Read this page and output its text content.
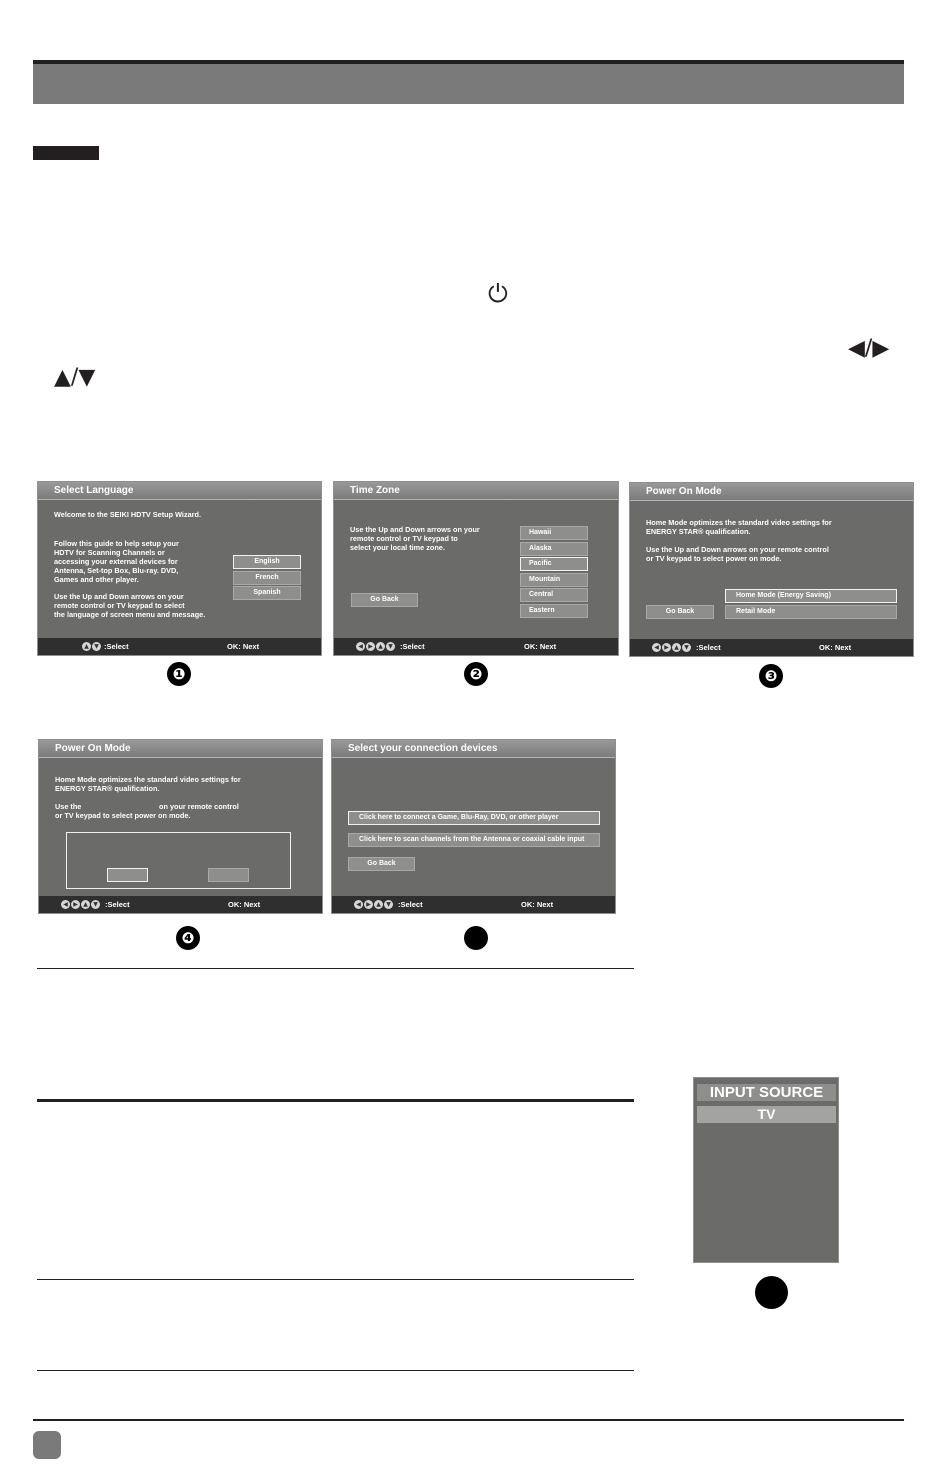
⏻
◀/▶
▲/▼
Select Language
Welcome to the SEIKI HDTV Setup Wizard.
Follow this guide to help setup your
HDTV for Scanning Channels or
accessing your external devices for
Antenna, Set-top Box, Blu-ray. DVD,
Games and other player.
Use the Up and Down arrows on your
remote control or TV keypad to select
the language of screen menu and message.
English
French
Spanish
▲ ▼ :Select	OK: Next
Time Zone
Use the Up and Down arrows on your
remote control or TV keypad to
select your local time zone.
Go Back
Hawaii
Alaska
Pacific
Mountain
Central
Eastern
◀ ▶ ▲ ▼ :Select	OK: Next
Power On Mode
Home Mode optimizes the standard video settings for
ENERGY STAR® qualification.
Use the Up and Down arrows on your remote control
or TV keypad to select power on mode.
Go Back
Home Mode (Energy Saving)
Retail Mode
◀ ▶ ▲ ▼ :Select	OK: Next
❶	❷	❸
Power On Mode
Home Mode optimizes the standard video settings for
ENERGY STAR® qualification.
Use the	on your remote control
or TV keypad to select power on mode.
◀ ▶ ▲ ▼ :Select	OK: Next
Select your connection devices
Click here to connect a Game, Blu-Ray, DVD, or other player
Click here to scan channels from the Antenna or coaxial cable input
Go Back
◀ ▶ ▲ ▼ :Select	OK: Next
❹
INPUT SOURCE
TV
